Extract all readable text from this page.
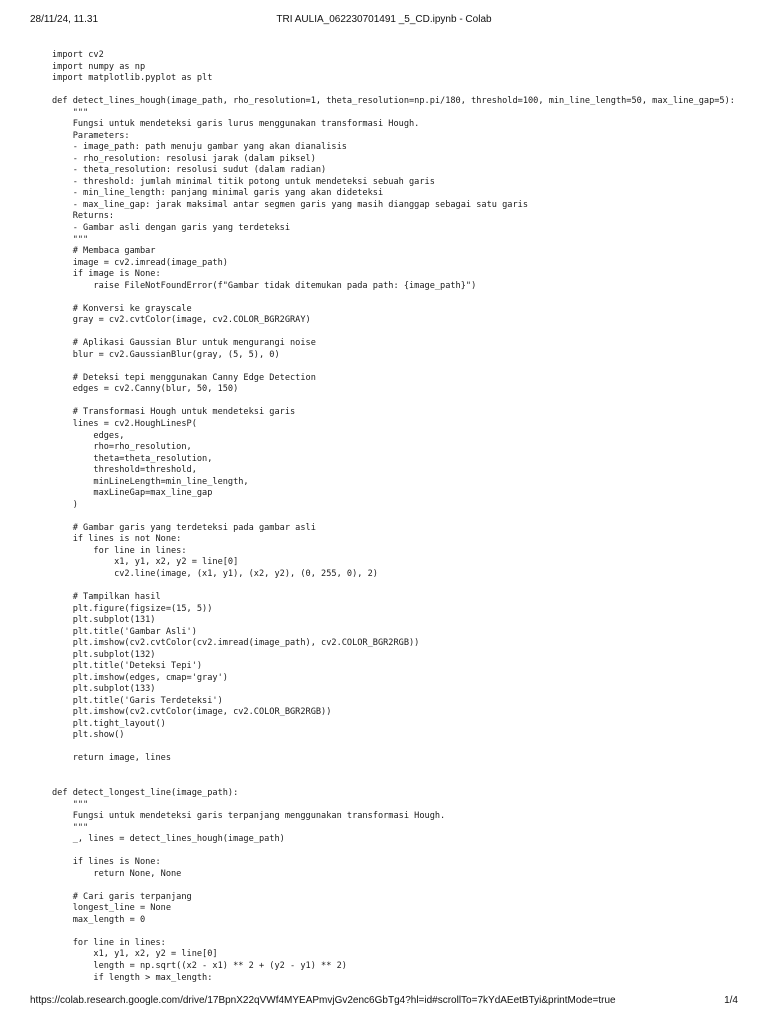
28/11/24, 11.31	TRI AULIA_062230701491 _5_CD.ipynb - Colab
import cv2
import numpy as np
import matplotlib.pyplot as plt
def detect_lines_hough(image_path, rho_resolution=1, theta_resolution=np.pi/180, threshold=100, min_line_length=50, max_line_gap=5):
"""
Fungsi untuk mendeteksi garis lurus menggunakan transformasi Hough.
Parameters:
- image_path: path menuju gambar yang akan dianalisis
- rho_resolution: resolusi jarak (dalam piksel)
- theta_resolution: resolusi sudut (dalam radian)
- threshold: jumlah minimal titik potong untuk mendeteksi sebuah garis
- min_line_length: panjang minimal garis yang akan dideteksi
- max_line_gap: jarak maksimal antar segmen garis yang masih dianggap sebagai satu garis
Returns:
- Gambar asli dengan garis yang terdeteksi
"""
# Membaca gambar
image = cv2.imread(image_path)
if image is None:
raise FileNotFoundError(f"Gambar tidak ditemukan pada path: {image_path}")
# Konversi ke grayscale
gray = cv2.cvtColor(image, cv2.COLOR_BGR2GRAY)
# Aplikasi Gaussian Blur untuk mengurangi noise
blur = cv2.GaussianBlur(gray, (5, 5), 0)
# Deteksi tepi menggunakan Canny Edge Detection
edges = cv2.Canny(blur, 50, 150)
# Transformasi Hough untuk mendeteksi garis
lines = cv2.HoughLinesP(
edges,
rho=rho_resolution,
theta=theta_resolution,
threshold=threshold,
minLineLength=min_line_length,
maxLineGap=max_line_gap
)
# Gambar garis yang terdeteksi pada gambar asli
if lines is not None:
for line in lines:
x1, y1, x2, y2 = line[0]
cv2.line(image, (x1, y1), (x2, y2), (0, 255, 0), 2)
# Tampilkan hasil
plt.figure(figsize=(15, 5))
plt.subplot(131)
plt.title('Gambar Asli')
plt.imshow(cv2.cvtColor(cv2.imread(image_path), cv2.COLOR_BGR2RGB))
plt.subplot(132)
plt.title('Deteksi Tepi')
plt.imshow(edges, cmap='gray')
plt.subplot(133)
plt.title('Garis Terdeteksi')
plt.imshow(cv2.cvtColor(image, cv2.COLOR_BGR2RGB))
plt.tight_layout()
plt.show()
return image, lines
def detect_longest_line(image_path):
"""
Fungsi untuk mendeteksi garis terpanjang menggunakan transformasi Hough.
"""
_, lines = detect_lines_hough(image_path)
if lines is None:
return None, None
# Cari garis terpanjang
longest_line = None
max_length = 0
for line in lines:
x1, y1, x2, y2 = line[0]
length = np.sqrt((x2 - x1) ** 2 + (y2 - y1) ** 2)
if length > max_length:
https://colab.research.google.com/drive/17BpnX22qVWf4MYEAPmvjGv2enc6GbTg4?hl=id#scrollTo=7kYdAEetBTyi&printMode=true	1/4
